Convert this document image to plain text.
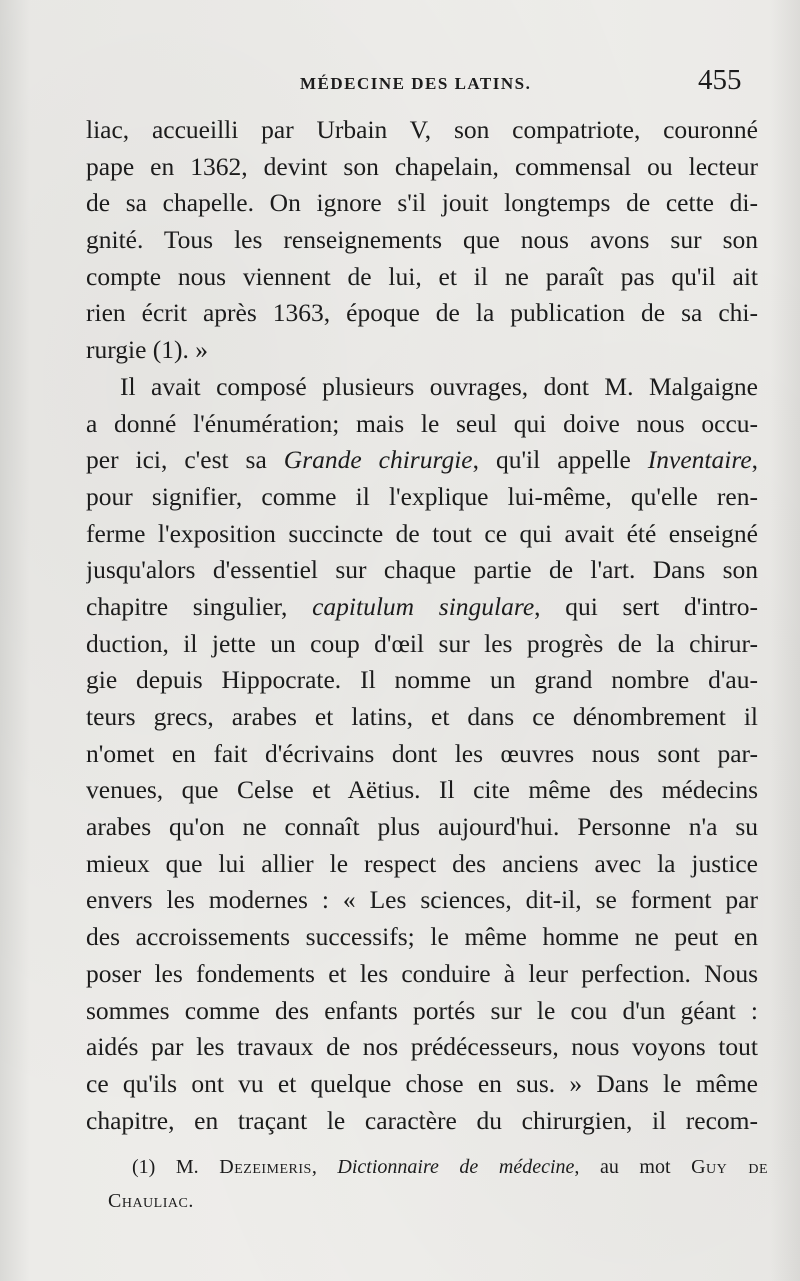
MÉDECINE DES LATINS.	455
liac, accueilli par Urbain V, son compatriote, couronné
pape en 1362, devint son chapelain, commensal ou lecteur
de sa chapelle. On ignore s'il jouit longtemps de cette di-
gnité. Tous les renseignements que nous avons sur son
compte nous viennent de lui, et il ne paraît pas qu'il ait
rien écrit après 1363, époque de la publication de sa chi-
rurgie (1). »
Il avait composé plusieurs ouvrages, dont M. Malgaigne
a donné l'énumération; mais le seul qui doive nous occu-
per ici, c'est sa Grande chirurgie, qu'il appelle Inventaire,
pour signifier, comme il l'explique lui-même, qu'elle ren-
ferme l'exposition succincte de tout ce qui avait été enseigné
jusqu'alors d'essentiel sur chaque partie de l'art. Dans son
chapitre singulier, capitulum singulare, qui sert d'intro-
duction, il jette un coup d'œil sur les progrès de la chirur-
gie depuis Hippocrate. Il nomme un grand nombre d'au-
teurs grecs, arabes et latins, et dans ce dénombrement il
n'omet en fait d'écrivains dont les œuvres nous sont par-
venues, que Celse et Aëtius. Il cite même des médecins
arabes qu'on ne connaît plus aujourd'hui. Personne n'a su
mieux que lui allier le respect des anciens avec la justice
envers les modernes : « Les sciences, dit-il, se forment par
des accroissements successifs; le même homme ne peut en
poser les fondements et les conduire à leur perfection. Nous
sommes comme des enfants portés sur le cou d'un géant :
aidés par les travaux de nos prédécesseurs, nous voyons tout
ce qu'ils ont vu et quelque chose en sus. » Dans le même
chapitre, en traçant le caractère du chirurgien, il recom-
(1) M. Dezeimeris, Dictionnaire de médecine, au mot Guy de
Chauliac.
